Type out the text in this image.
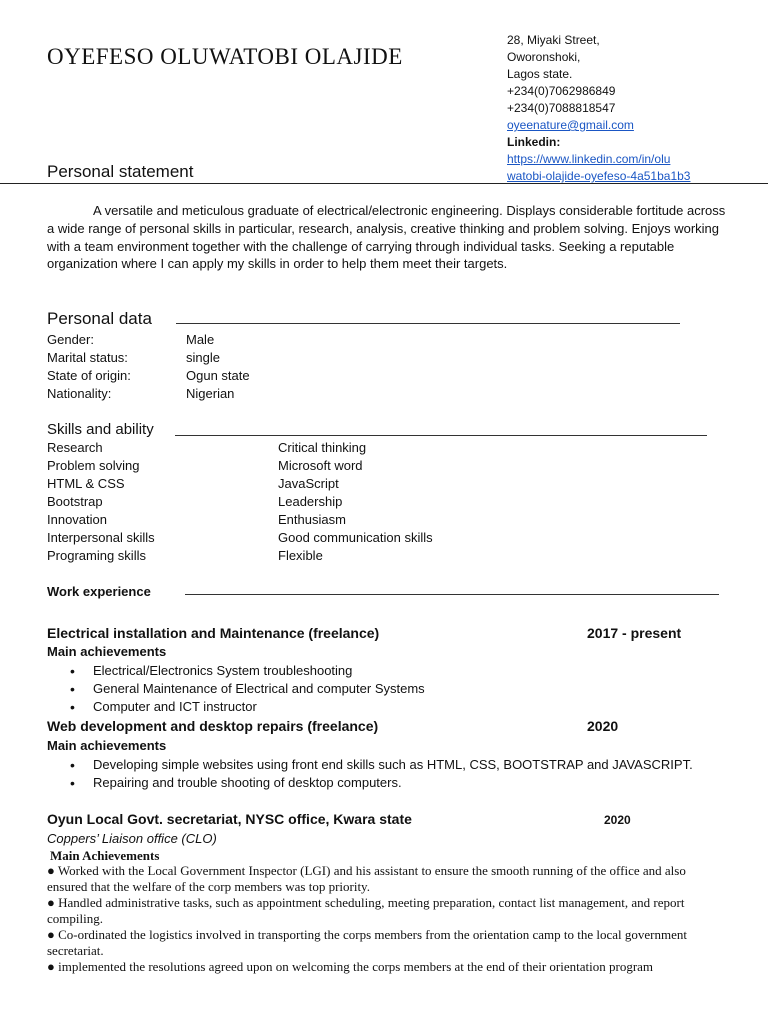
OYEFESO OLUWATOBI OLAJIDE
28, Miyaki Street,
Oworonshoki,
Lagos state.
+234(0)7062986849
+234(0)7088818547
oyeenature@gmail.com
Linkedin:
https://www.linkedin.com/in/olu
watobi-olajide-oyefeso-4a51ba1b3
Personal statement
A versatile and meticulous graduate of electrical/electronic engineering. Displays considerable fortitude across a wide range of personal skills in particular, research, analysis, creative thinking and problem solving. Enjoys working with a team environment together with the challenge of carrying through individual tasks. Seeking a reputable organization where I can apply my skills in order to help them meet their targets.
Personal data
Gender:	Male
Marital status:	single
State of origin:	Ogun state
Nationality:	Nigerian
Skills and ability
Research	Critical thinking
Problem solving	Microsoft word
HTML & CSS	JavaScript
Bootstrap	Leadership
Innovation	Enthusiasm
Interpersonal skills	Good communication skills
Programing skills	Flexible
Work experience
Electrical installation and Maintenance (freelance)	2017 - present
Main achievements
• Electrical/Electronics System troubleshooting
• General Maintenance of Electrical and computer Systems
• Computer and ICT instructor
Web development and desktop repairs (freelance)	2020
Main achievements
• Developing simple websites using front end skills such as HTML, CSS, BOOTSTRAP and JAVASCRIPT.
• Repairing and trouble shooting of desktop computers.
Oyun Local Govt. secretariat, NYSC office, Kwara state	2020
Coppers’ Liaison office (CLO)
Main Achievements
● Worked with the Local Government Inspector (LGI) and his assistant to ensure the smooth running of the office and also ensured that the welfare of the corp members was top priority.
● Handled administrative tasks, such as appointment scheduling, meeting preparation, contact list management, and report compiling.
● Co-ordinated the logistics involved in transporting the corps members from the orientation camp to the local government secretariat.
● implemented the resolutions agreed upon on welcoming the corps members at the end of their orientation program
